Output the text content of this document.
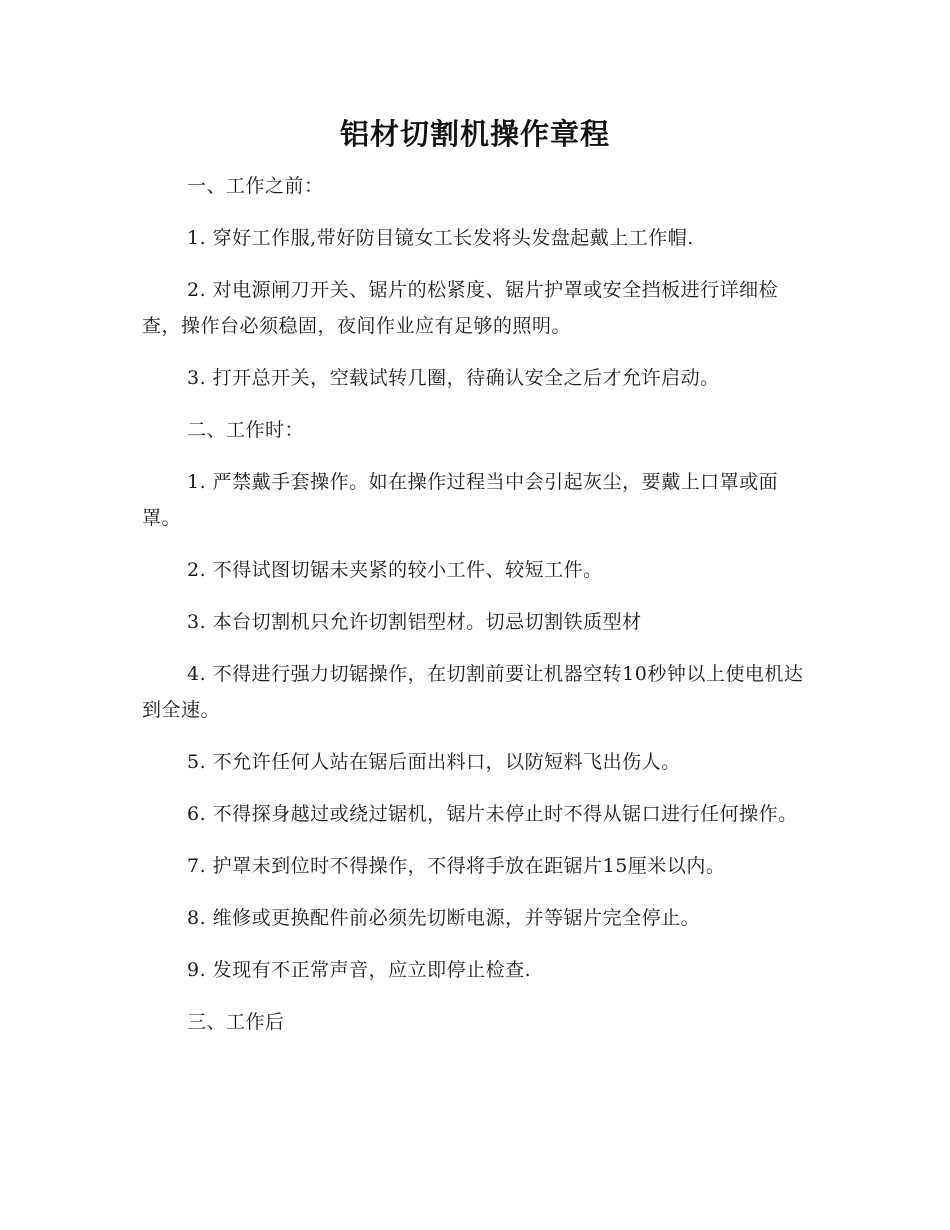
铝材切割机操作章程

一、工作之前：

1. 穿好工作服,带好防目镜女工长发将头发盘起戴上工作帽.

2. 对电源闸刀开关、锯片的松紧度、锯片护罩或安全挡板进行详细检查，操作台必须稳固，夜间作业应有足够的照明。

3. 打开总开关，空载试转几圈，待确认安全之后才允许启动。

二、工作时：

1. 严禁戴手套操作。如在操作过程当中会引起灰尘，要戴上口罩或面罩。

2. 不得试图切锯未夹紧的较小工件、较短工件。

3. 本台切割机只允许切割铝型材。切忌切割铁质型材

4. 不得进行强力切锯操作，在切割前要让机器空转10秒钟以上使电机达到全速。

5. 不允许任何人站在锯后面出料口，以防短料飞出伤人。

6. 不得探身越过或绕过锯机，锯片未停止时不得从锯口进行任何操作。

7. 护罩未到位时不得操作，不得将手放在距锯片15厘米以内。

8. 维修或更换配件前必须先切断电源，并等锯片完全停止。

9. 发现有不正常声音，应立即停止检查.

三、工作后
